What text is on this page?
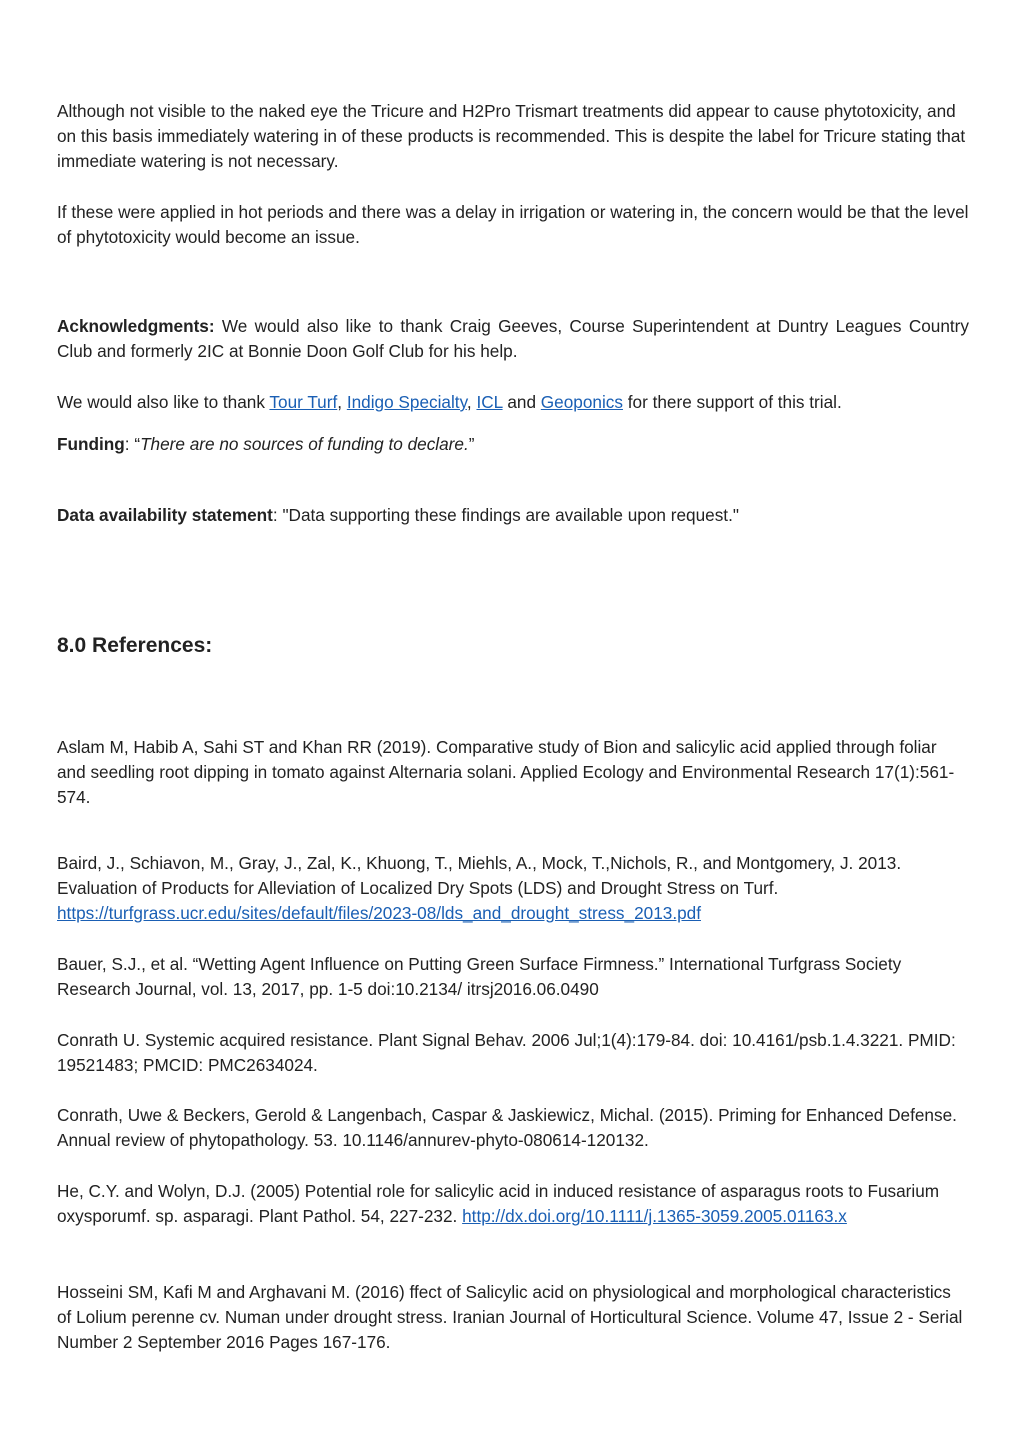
Although not visible to the naked eye the Tricure and H2Pro Trismart treatments did appear to cause phytotoxicity, and on this basis immediately watering in of these products is recommended. This is despite the label for Tricure stating that immediate watering is not necessary.

If these were applied in hot periods and there was a delay in irrigation or watering in, the concern would be that the level of phytotoxicity would become an issue.

Acknowledgments: We would also like to thank Craig Geeves, Course Superintendent at Duntry Leagues Country Club and formerly 2IC at Bonnie Doon Golf Club for his help.

We would also like to thank Tour Turf, Indigo Specialty, ICL and Geoponics for there support of this trial.

Funding: “There are no sources of funding to declare.”

Data availability statement: "Data supporting these findings are available upon request."

8.0 References:

Aslam M, Habib A, Sahi ST and Khan RR (2019). Comparative study of Bion and salicylic acid applied through foliar and seedling root dipping in tomato against Alternaria solani. Applied Ecology and Environmental Research 17(1):561-574.

Baird, J., Schiavon, M., Gray, J., Zal, K., Khuong, T., Miehls, A., Mock, T.,Nichols, R., and Montgomery, J. 2013. Evaluation of Products for Alleviation of Localized Dry Spots (LDS) and Drought Stress on Turf.
https://turfgrass.ucr.edu/sites/default/files/2023-08/lds_and_drought_stress_2013.pdf

Bauer, S.J., et al. “Wetting Agent Influence on Putting Green Surface Firmness.” International Turfgrass Society Research Journal, vol. 13, 2017, pp. 1-5 doi:10.2134/ itrsj2016.06.0490

Conrath U. Systemic acquired resistance. Plant Signal Behav. 2006 Jul;1(4):179-84. doi: 10.4161/psb.1.4.3221. PMID: 19521483; PMCID: PMC2634024.

Conrath, Uwe & Beckers, Gerold & Langenbach, Caspar & Jaskiewicz, Michal. (2015). Priming for Enhanced Defense. Annual review of phytopathology. 53. 10.1146/annurev-phyto-080614-120132.

He, C.Y. and Wolyn, D.J. (2005) Potential role for salicylic acid in induced resistance of asparagus roots to Fusarium oxysporumf. sp. asparagi. Plant Pathol. 54, 227-232. http://dx.doi.org/10.1111/j.1365-3059.2005.01163.x

Hosseini SM, Kafi M and Arghavani M. (2016) ffect of Salicylic acid on physiological and morphological characteristics of Lolium perenne cv. Numan under drought stress. Iranian Journal of Horticultural Science. Volume 47, Issue 2 - Serial Number 2 September 2016 Pages 167-176.
